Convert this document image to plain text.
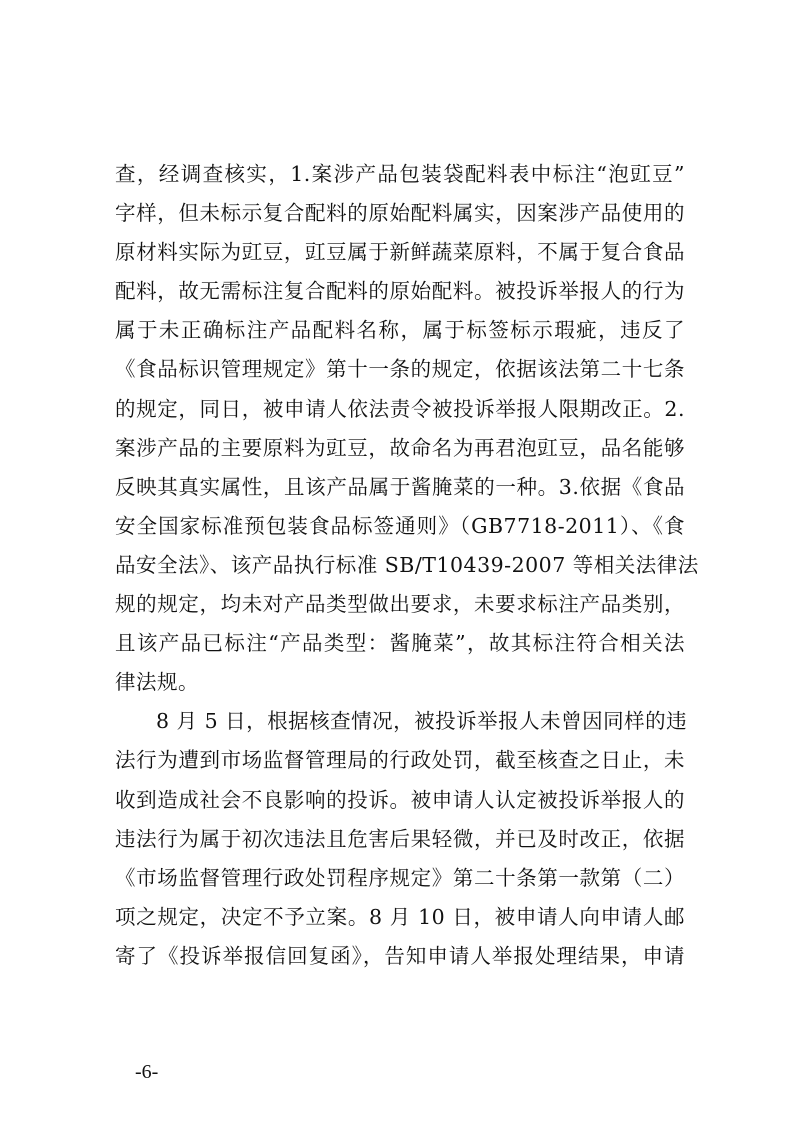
查，经调查核实，1.案涉产品包装袋配料表中标注“泡豇豆”
字样，但未标示复合配料的原始配料属实，因案涉产品使用的
原材料实际为豇豆，豇豆属于新鲜蔬菜原料，不属于复合食品
配料，故无需标注复合配料的原始配料。被投诉举报人的行为
属于未正确标注产品配料名称，属于标签标示瑕疵，违反了
《食品标识管理规定》第十一条的规定，依据该法第二十七条
的规定，同日，被申请人依法责令被投诉举报人限期改正。2.
案涉产品的主要原料为豇豆，故命名为再君泡豇豆，品名能够
反映其真实属性，且该产品属于酱腌菜的一种。3.依据《食品
安全国家标准预包装食品标签通则》（GB7718-2011）、《食
品安全法》、该产品执行标准 SB/T10439-2007 等相关法律法
规的规定，均未对产品类型做出要求，未要求标注产品类别，
且该产品已标注“产品类型：酱腌菜”，故其标注符合相关法
律法规。
8 月 5 日，根据核查情况，被投诉举报人未曾因同样的违
法行为遭到市场监督管理局的行政处罚，截至核查之日止，未
收到造成社会不良影响的投诉。被申请人认定被投诉举报人的
违法行为属于初次违法且危害后果轻微，并已及时改正，依据
《市场监督管理行政处罚程序规定》第二十条第一款第（二）
项之规定，决定不予立案。8 月 10 日，被申请人向申请人邮
寄了《投诉举报信回复函》，告知申请人举报处理结果，申请
-6-
